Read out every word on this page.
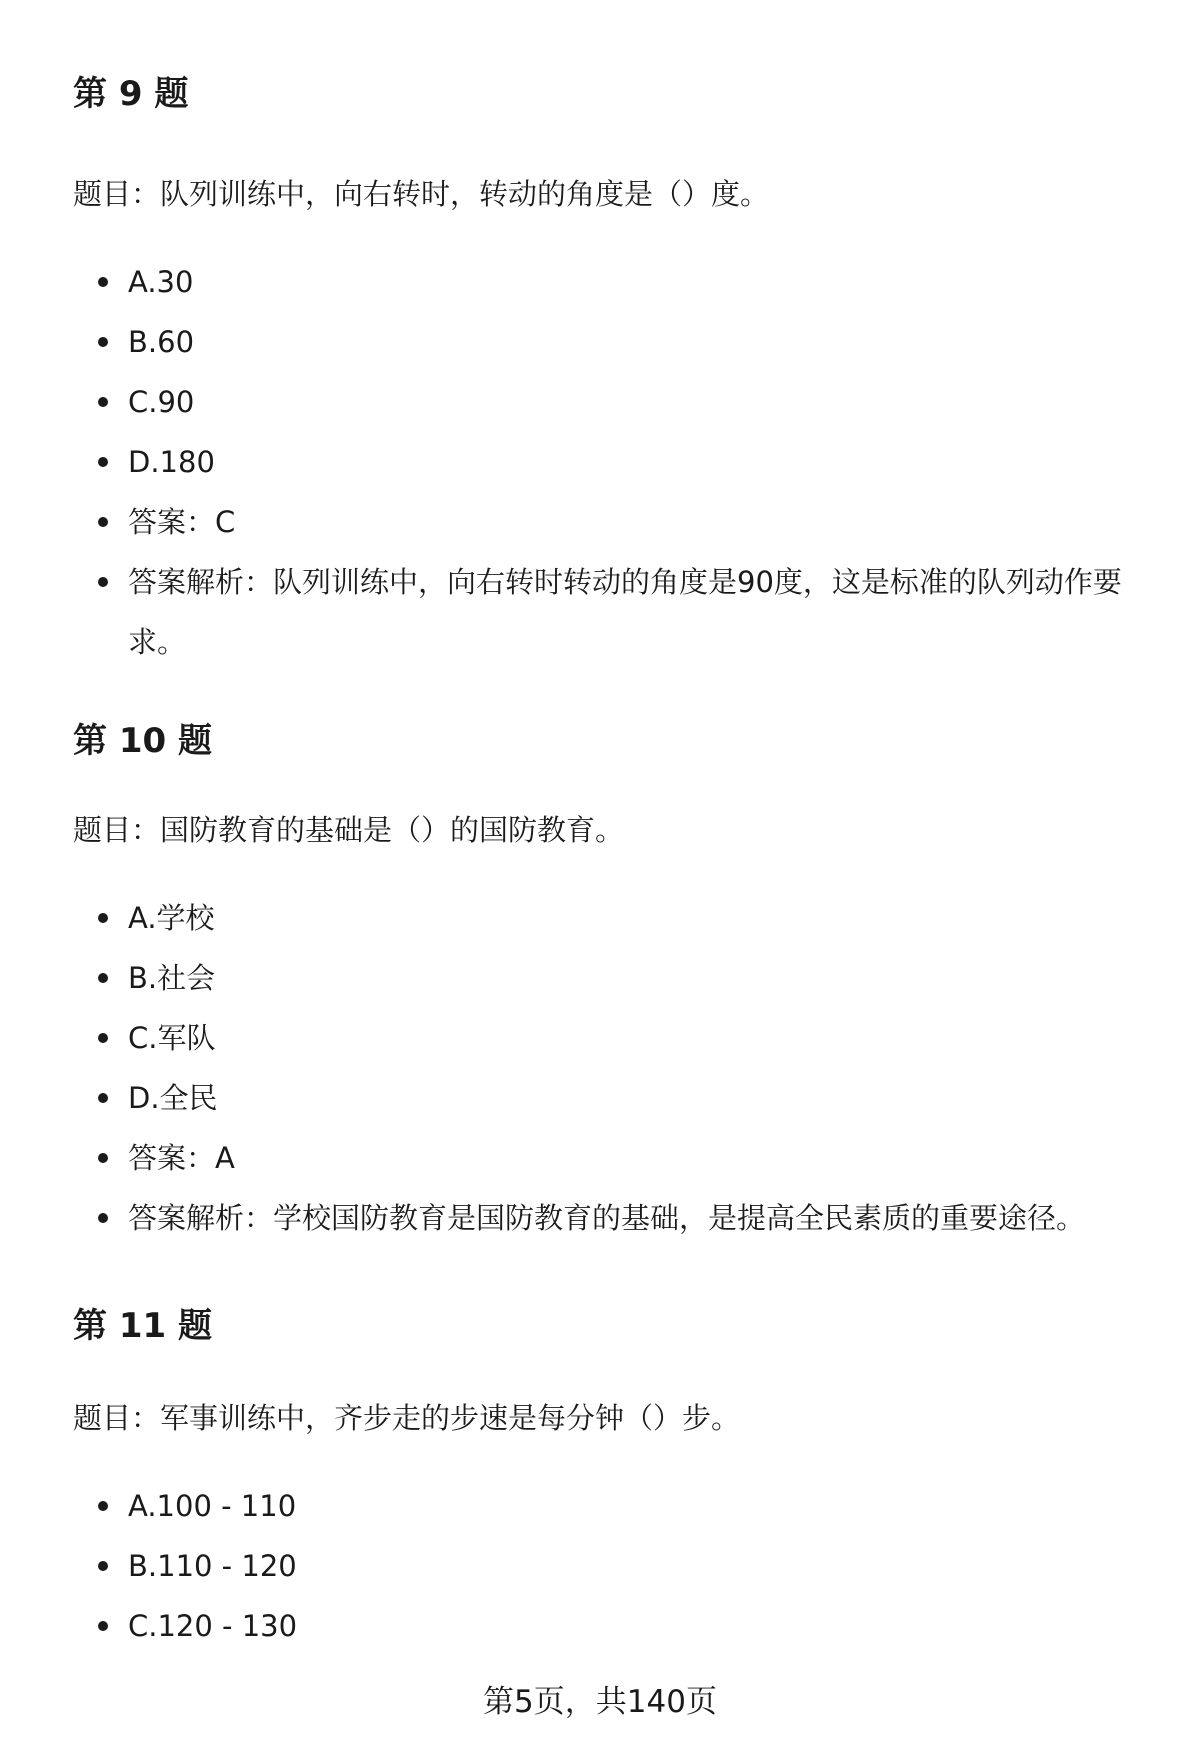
第 9 题

题目：队列训练中，向右转时，转动的角度是（）度。

A.30
B.60
C.90
D.180
答案：C
答案解析：队列训练中，向右转时转动的角度是90度，这是标准的队列动作要求。
第 10 题

题目：国防教育的基础是（）的国防教育。

A.学校
B.社会
C.军队
D.全民
答案：A
答案解析：学校国防教育是国防教育的基础，是提高全民素质的重要途径。
第 11 题

题目：军事训练中，齐步走的步速是每分钟（）步。

A.100 - 110
B.110 - 120
C.120 - 130
第5页，共140页
